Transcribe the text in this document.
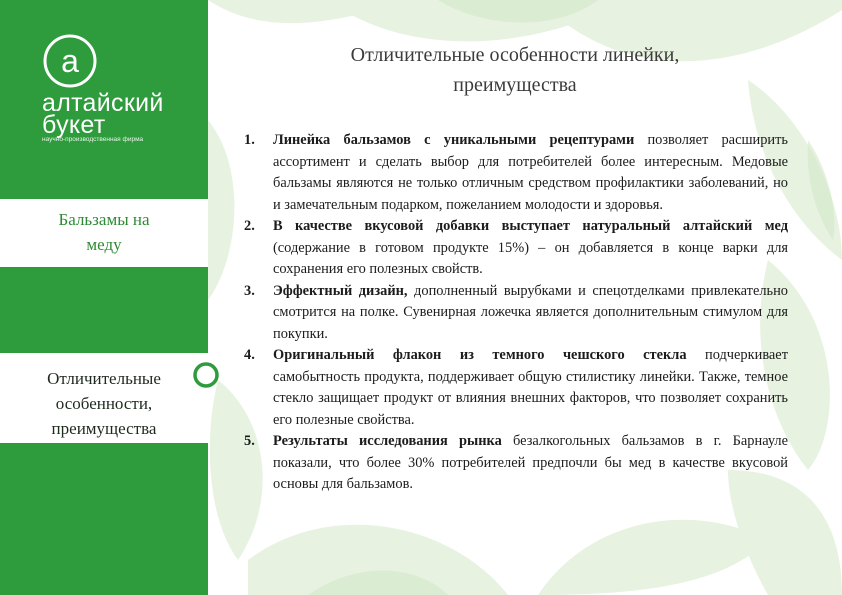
а
алтайский
букет
научно-производственная фирма
Бальзамы на
меду
Отличительные
особенности,
преимущества
Отличительные особенности линейки,
преимущества
1. Линейка бальзамов с уникальными рецептурами позволяет расширить ассортимент и сделать выбор для потребителей более интересным. Медовые бальзамы являются не только отличным средством профилактики заболеваний, но и замечательным подарком, пожеланием молодости и здоровья.
2. В качестве вкусовой добавки выступает натуральный алтайский мед (содержание в готовом продукте 15%) – он добавляется в конце варки для сохранения его полезных свойств.
3. Эффектный дизайн, дополненный вырубками и спецотделками привлекательно смотрится на полке. Сувенирная ложечка является дополнительным стимулом для покупки.
4. Оригинальный флакон из темного чешского стекла подчеркивает самобытность продукта, поддерживает общую стилистику линейки. Также, темное стекло защищает продукт от влияния внешних факторов, что позволяет сохранить его полезные свойства.
5. Результаты исследования рынка безалкогольных бальзамов в г. Барнауле показали, что более 30% потребителей предпочли бы мед в качестве вкусовой основы для бальзамов.
